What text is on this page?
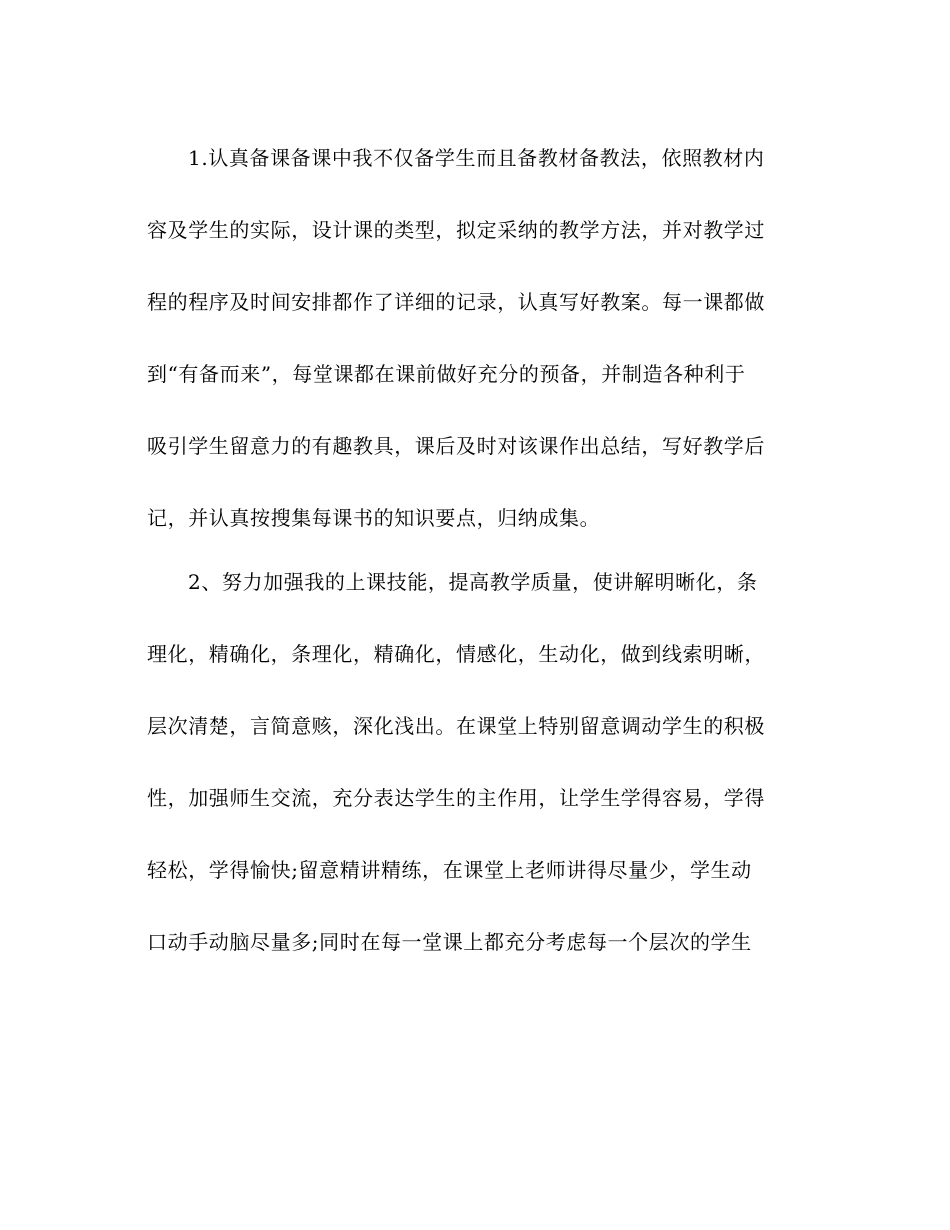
1.认真备课备课中我不仅备学生而且备教材备教法，依照教材内
容及学生的实际，设计课的类型，拟定采纳的教学方法，并对教学过
程的程序及时间安排都作了详细的记录，认真写好教案。每一课都做
到“有备而来”，每堂课都在课前做好充分的预备，并制造各种利于
吸引学生留意力的有趣教具，课后及时对该课作出总结，写好教学后
记，并认真按搜集每课书的知识要点，归纳成集。
2、努力加强我的上课技能，提高教学质量，使讲解明晰化，条
理化，精确化，条理化，精确化，情感化，生动化，做到线索明晰，
层次清楚，言简意赅，深化浅出。在课堂上特别留意调动学生的积极
性，加强师生交流，充分表达学生的主作用，让学生学得容易，学得
轻松，学得愉快;留意精讲精练，在课堂上老师讲得尽量少，学生动
口动手动脑尽量多;同时在每一堂课上都充分考虑每一个层次的学生
